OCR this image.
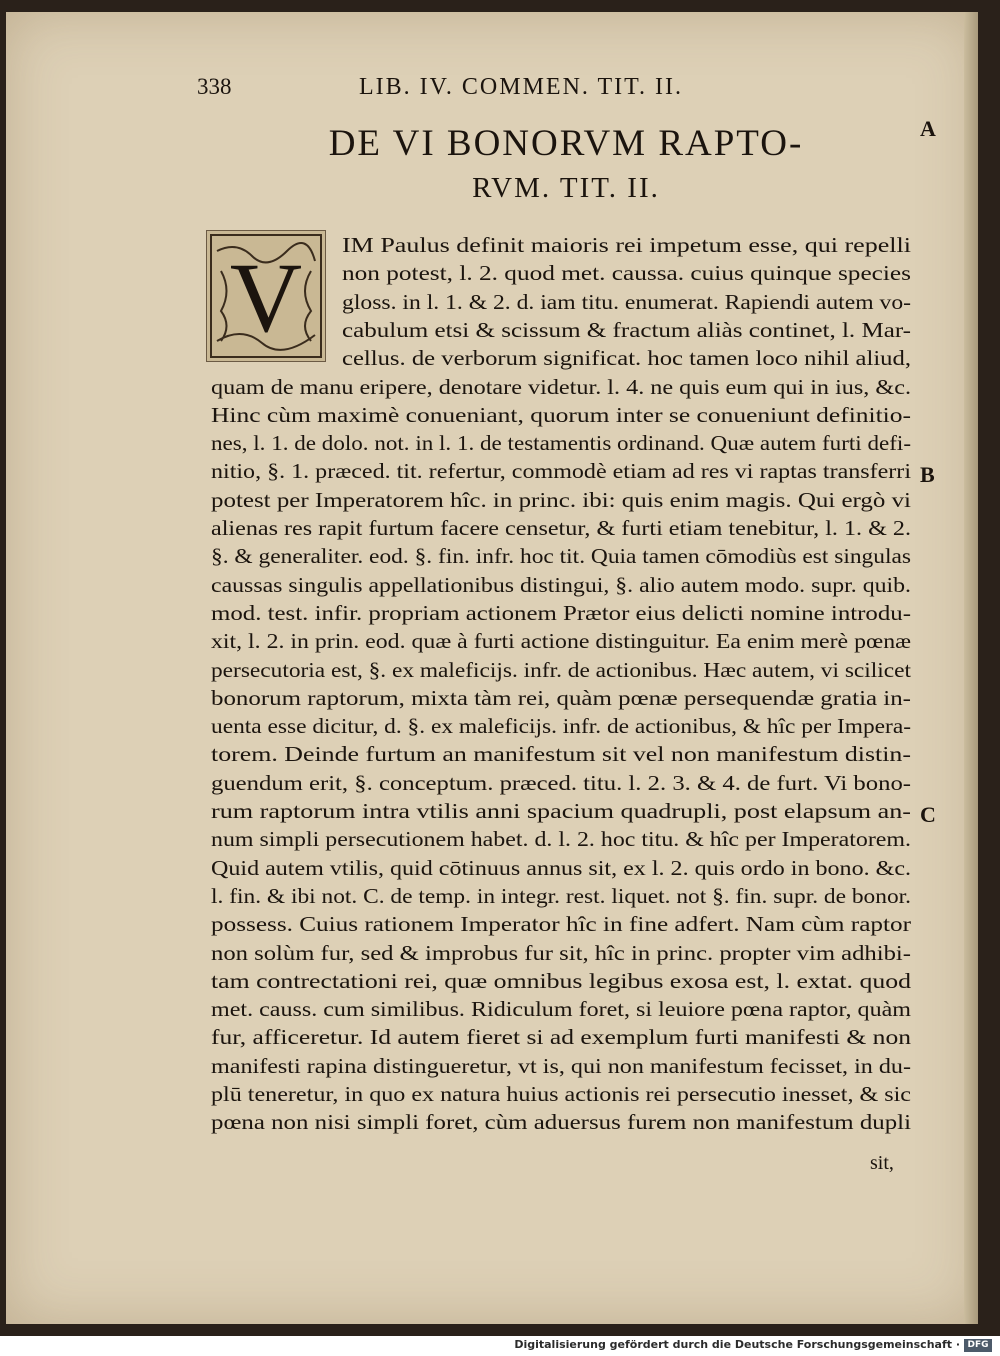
338	LIB. IV. COMMEN. TIT. II.
DE VI BONORVM RAPTO-
RVM. TIT. II.
V IM Paulus definit maioris rei impetum esse, qui repelli
non potest, l. 2. quod met. caussa. cuius quinque species
gloss. in l. 1. & 2. d. iam titu. enumerat. Rapiendi autem vo-
cabulum etsi & scissum & fractum aliàs continet, l. Mar-
cellus. de verborum significat. hoc tamen loco nihil aliud,
quam de manu eripere, denotare videtur. l. 4. ne quis eum qui in ius, &c.
Hinc cùm maximè conueniant, quorum inter se conueniunt definitio-
nes, l. 1. de dolo. not. in l. 1. de testamentis ordinand. Quæ autem furti defi-
nitio, §. 1. præced. tit. refertur, commodè etiam ad res vi raptas transferri
potest per Imperatorem hîc. in princ. ibi: quis enim magis. Qui ergò vi
alienas res rapit furtum facere censetur, & furti etiam tenebitur, l. 1. & 2.
§. & generaliter. eod. §. fin. infr. hoc tit. Quia tamen cōmodiùs est singulas
caussas singulis appellationibus distingui, §. alio autem modo. supr. quib.
mod. test. infir. propriam actionem Prætor eius delicti nomine introdu-
xit, l. 2. in prin. eod. quæ à furti actione distinguitur. Ea enim merè pœnæ
persecutoria est, §. ex maleficijs. infr. de actionibus. Hæc autem, vi scilicet
bonorum raptorum, mixta tàm rei, quàm pœnæ persequendæ gratia in-
uenta esse dicitur, d. §. ex maleficijs. infr. de actionibus, & hîc per Impera-
torem. Deinde furtum an manifestum sit vel non manifestum distin-
guendum erit, §. conceptum. præced. titu. l. 2. 3. & 4. de furt. Vi bono-
rum raptorum intra vtilis anni spacium quadrupli, post elapsum an-
num simpli persecutionem habet. d. l. 2. hoc titu. & hîc per Imperatorem.
Quid autem vtilis, quid cōtinuus annus sit, ex l. 2. quis ordo in bono. &c.
l. fin. & ibi not. C. de temp. in integr. rest. liquet. not §. fin. supr. de bonor.
possess. Cuius rationem Imperator hîc in fine adfert. Nam cùm raptor
non solùm fur, sed & improbus fur sit, hîc in princ. propter vim adhibi-
tam contrectationi rei, quæ omnibus legibus exosa est, l. extat. quod
met. causs. cum similibus. Ridiculum foret, si leuiore pœna raptor, quàm
fur, afficeretur. Id autem fieret si ad exemplum furti manifesti & non
manifesti rapina distingueretur, vt is, qui non manifestum fecisset, in du-
plū teneretur, in quo ex natura huius actionis rei persecutio inesset, & sic
pœna non nisi simpli foret, cùm aduersus furem non manifestum dupli
A
B
C
sit,
Digitalisierung gefördert durch die Deutsche Forschungsgemeinschaft · DFG
